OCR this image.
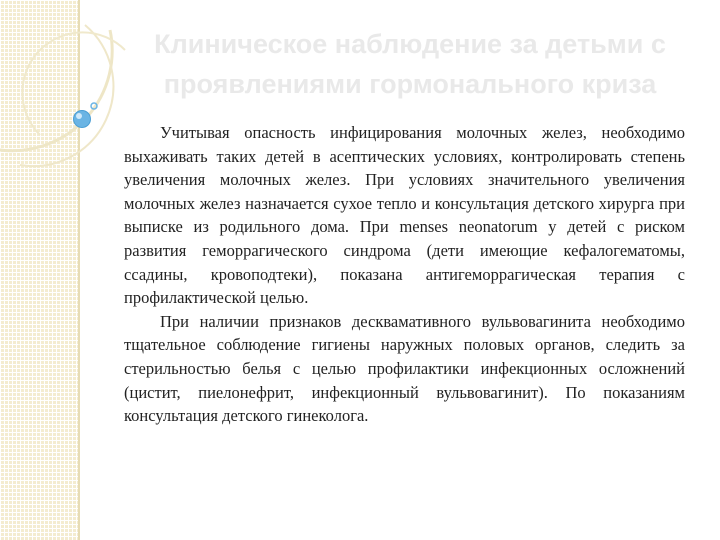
Клиническое наблюдение за детьми с
проявлениями гормонального криза

Учитывая опасность инфицирования молочных желез, необходимо выхаживать таких детей в асептических условиях, контролировать степень увеличения молочных желез. При условиях значительного увеличения молочных желез назначается сухое тепло и консультация детского хирурга при выписке из родильного дома. При menses neonatorum у детей с риском развития геморрагического синдрома (дети имеющие кефалогематомы, ссадины, кровоподтеки), показана антигеморрагическая терапия с профилактической целью.

При наличии признаков десквамативного вульвовагинита необходимо тщательное соблюдение гигиены наружных половых органов, следить за стерильностью белья с целью профилактики инфекционных осложнений (цистит, пиелонефрит, инфекционный вульвовагинит). По показаниям консультация детского гинеколога.
